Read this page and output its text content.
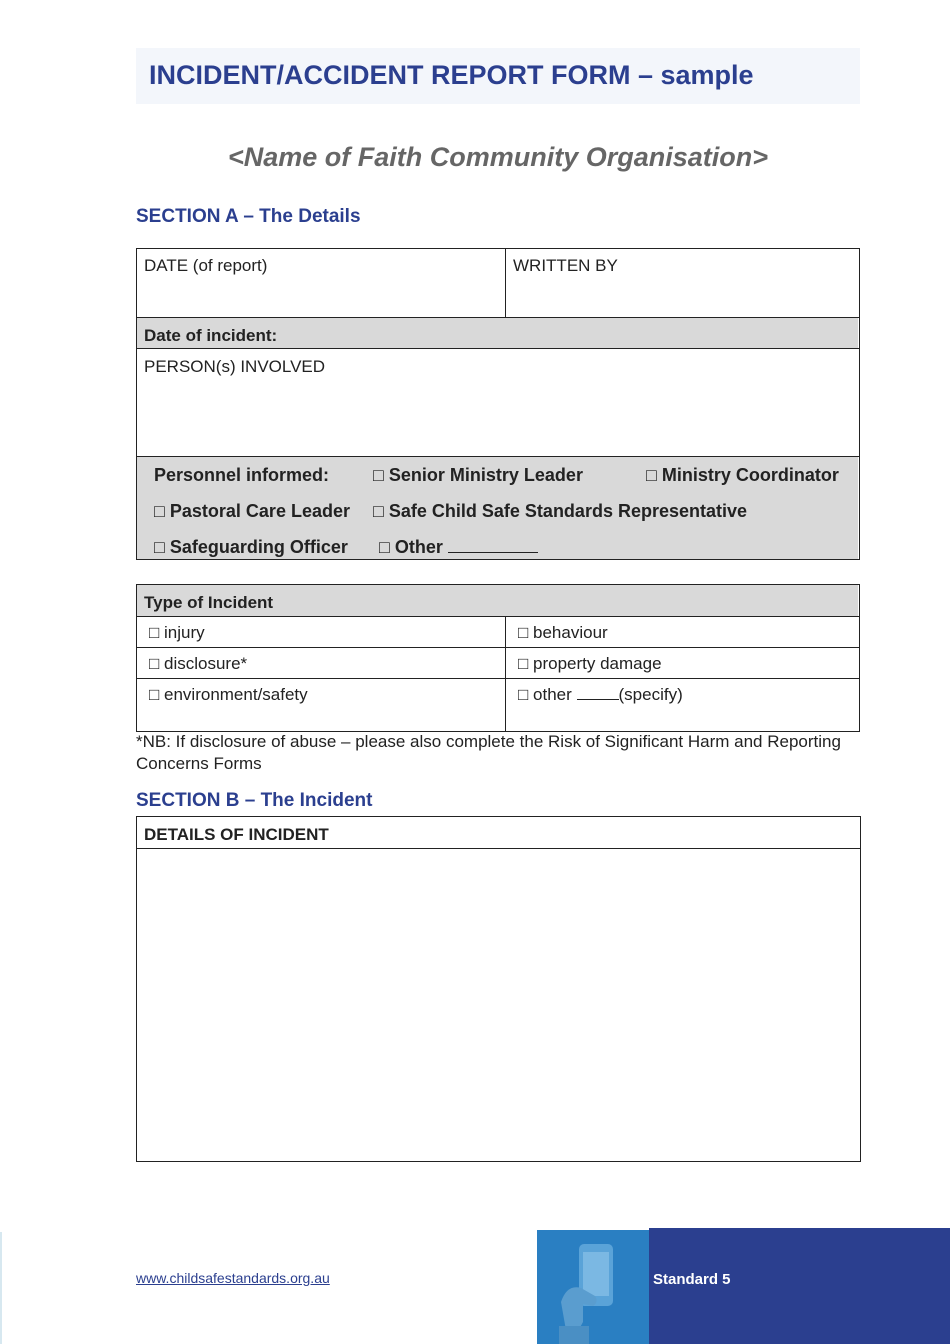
INCIDENT/ACCIDENT REPORT FORM – sample
<Name of Faith Community Organisation>
SECTION A – The Details
DATE (of report)	WRITTEN BY
Date of incident:
PERSON(s) INVOLVED
Personnel informed: □ Senior Ministry Leader	□ Ministry Coordinator
□ Pastoral Care Leader □ Safe Child Safe Standards Representative
□ Safeguarding Officer □ Other
Type of Incident
□ injury	□ behaviour
□ disclosure*	□ property damage
□ environment/safety	□ other	(specify)
*NB: If disclosure of abuse – please also complete the Risk of Significant Harm and Reporting Concerns Forms
SECTION B – The Incident
DETAILS OF INCIDENT
www.childsafestandards.org.au	Standard 5
